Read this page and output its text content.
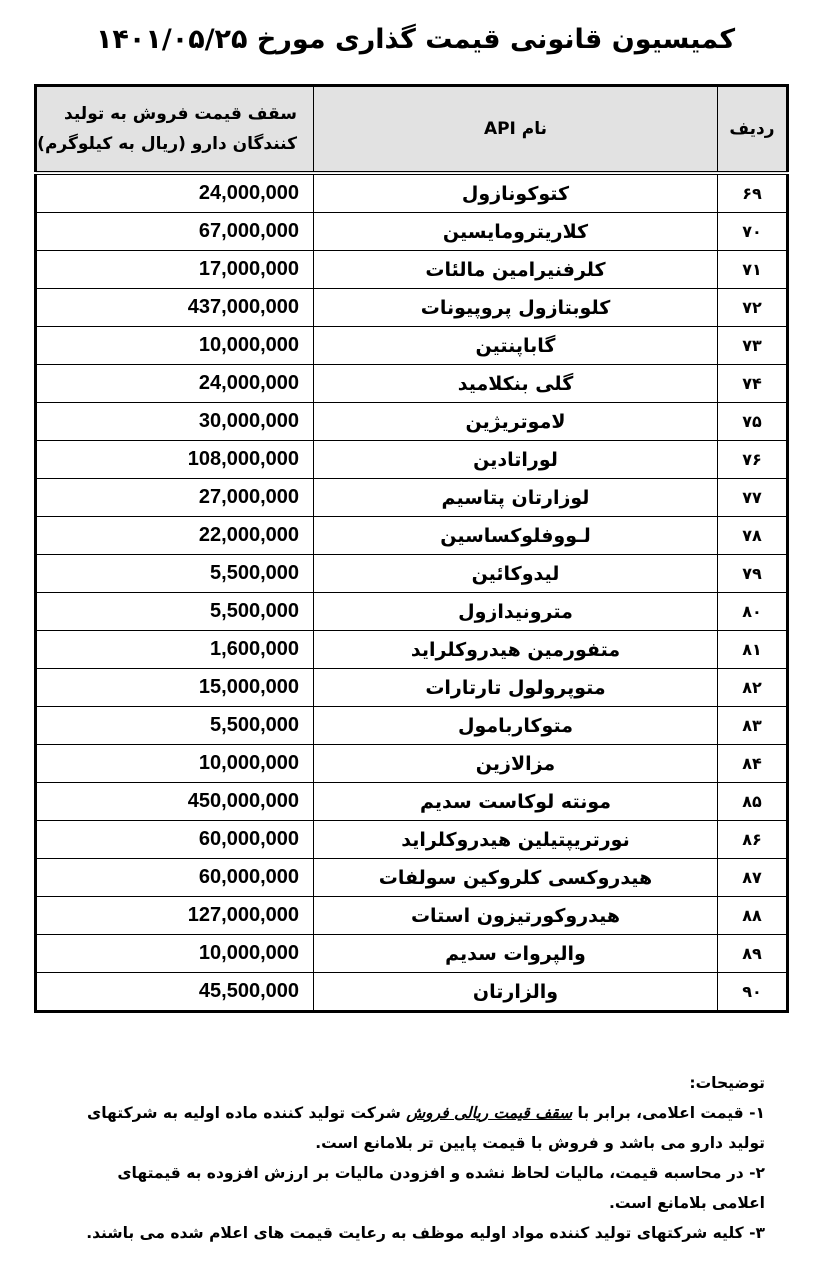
کمیسیون قانونی قیمت گذاری مورخ ۱۴۰۱/۰۵/۲۵
ردیف	نام API	سقف قیمت فروش به تولید
کنندگان دارو (ریال به کیلوگرم)

۶۹	کتوکونازول	24,000,000
۷۰	کلاریترومایسین	67,000,000
۷۱	کلرفنیرامین مالئات	17,000,000
۷۲	کلوبتازول پروپیونات	437,000,000
۷۳	گاباپنتین	10,000,000
۷۴	گلی بنکلامید	24,000,000
۷۵	لاموتریژین	30,000,000
۷۶	لوراتادین	108,000,000
۷۷	لوزارتان پتاسیم	27,000,000
۷۸	لـووفلوکساسین	22,000,000
۷۹	لیدوکائین	5,500,000
۸۰	مترونیدازول	5,500,000
۸۱	متفورمین هیدروکلراید	1,600,000
۸۲	متوپرولول تارتارات	15,000,000
۸۳	متوکاربامول	5,500,000
۸۴	مزالازین	10,000,000
۸۵	مونته لوکاست سدیم	450,000,000
۸۶	نورتریپتیلین هیدروکلراید	60,000,000
۸۷	هیدروکسی کلروکین سولفات	60,000,000
۸۸	هیدروکورتیزون استات	127,000,000
۸۹	والپروات سدیم	10,000,000
۹۰	والزارتان	45,500,000

توضیحات:

۱- قیمت اعلامی، برابر با سقف قیمت ریالی فروش شرکت تولید کننده ماده اولیه به شرکتهای تولید دارو می باشد و فروش با قیمت پایین تر بلامانع است.

۲- در محاسبه قیمت، مالیات لحاظ نشده و افزودن مالیات بر ارزش افزوده به قیمتهای اعلامی بلامانع است.

۳- کلیه شرکتهای تولید کننده مواد اولیه موظف به رعایت قیمت های اعلام شده می باشند.
